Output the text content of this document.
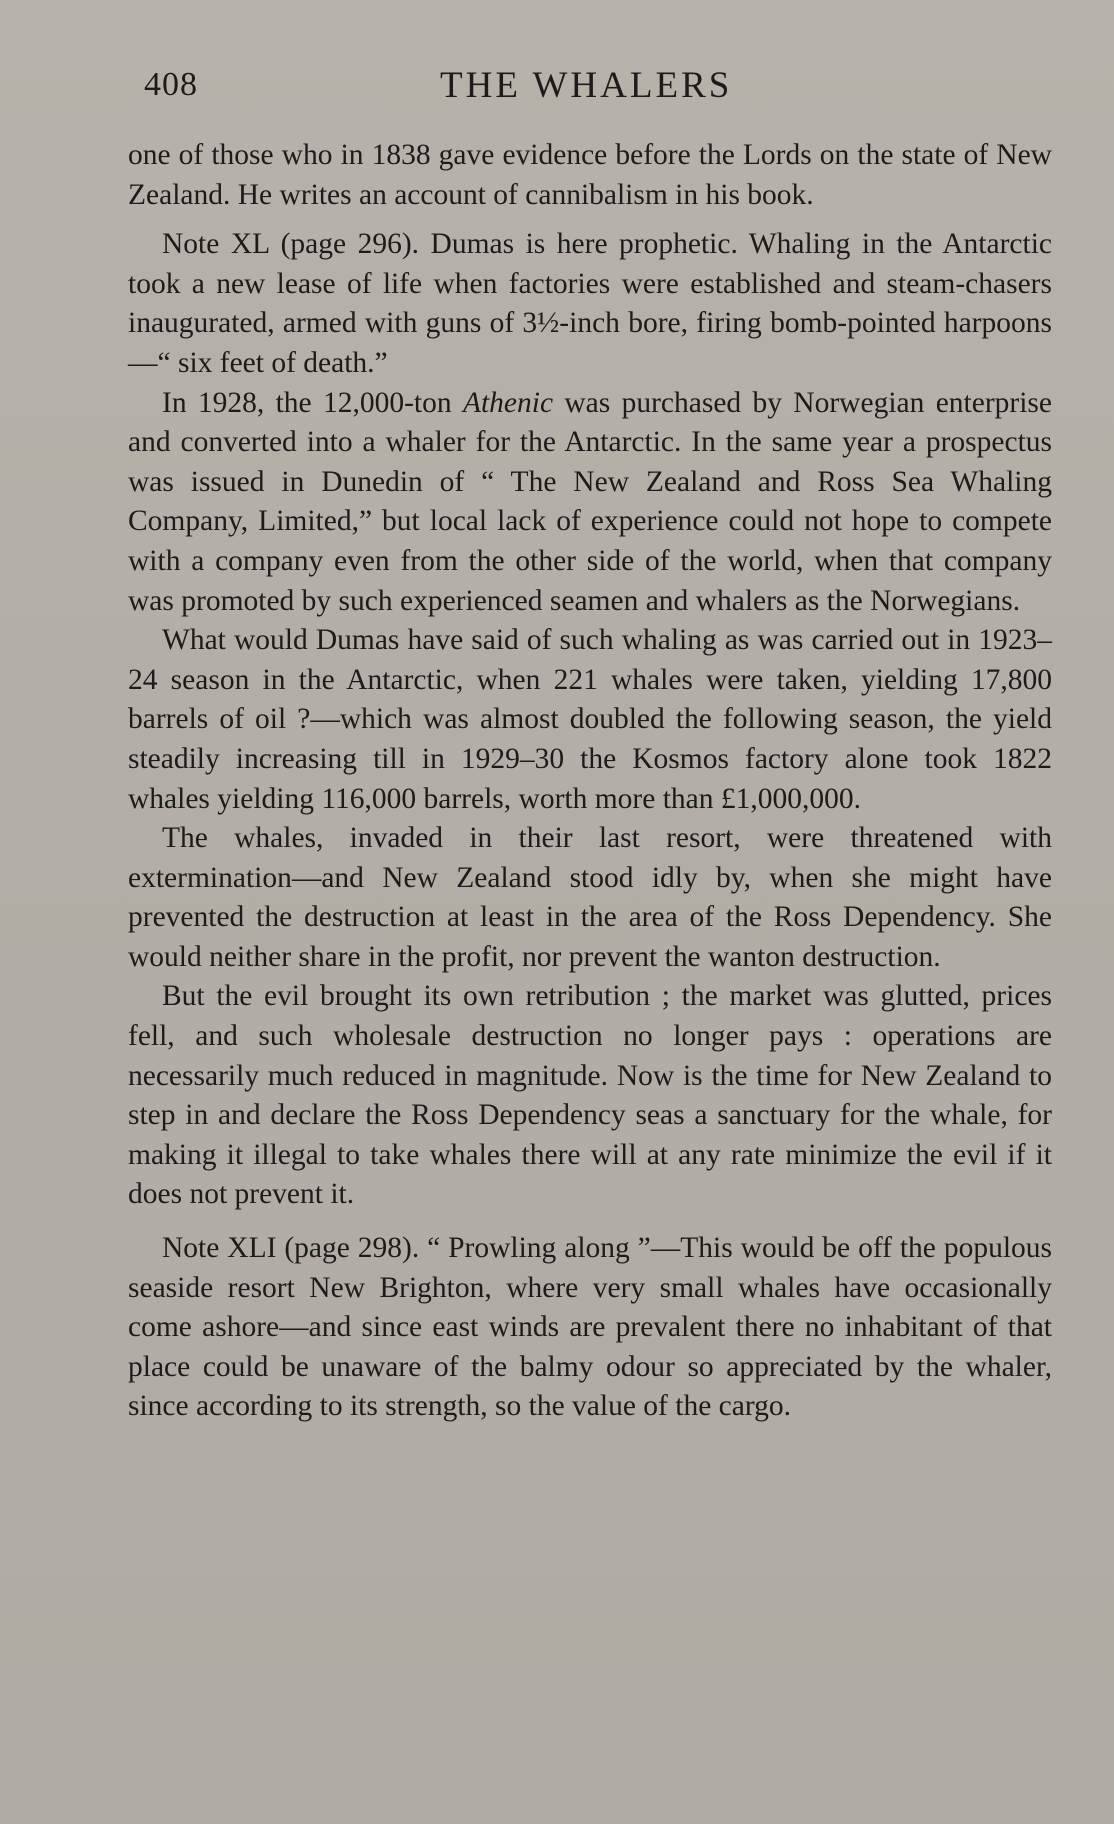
408	THE WHALERS

one of those who in 1838 gave evidence before the Lords on the state of New Zealand. He writes an account of cannibalism in his book.

Note XL (page 296). Dumas is here prophetic. Whaling in the Antarctic took a new lease of life when factories were established and steam-chasers inaugurated, armed with guns of 3½-inch bore, firing bomb-pointed harpoons—“ six feet of death.”

In 1928, the 12,000-ton Athenic was purchased by Norwegian enterprise and converted into a whaler for the Antarctic. In the same year a prospectus was issued in Dunedin of “ The New Zealand and Ross Sea Whaling Company, Limited,” but local lack of experience could not hope to compete with a company even from the other side of the world, when that company was promoted by such experienced seamen and whalers as the Norwegians.

What would Dumas have said of such whaling as was carried out in 1923–24 season in the Antarctic, when 221 whales were taken, yielding 17,800 barrels of oil ?—which was almost doubled the following season, the yield steadily increasing till in 1929–30 the Kosmos factory alone took 1822 whales yielding 116,000 barrels, worth more than £1,000,000.

The whales, invaded in their last resort, were threatened with extermination—and New Zealand stood idly by, when she might have prevented the destruction at least in the area of the Ross Dependency. She would neither share in the profit, nor prevent the wanton destruction.

But the evil brought its own retribution ; the market was glutted, prices fell, and such wholesale destruction no longer pays : operations are necessarily much reduced in magnitude. Now is the time for New Zealand to step in and declare the Ross Dependency seas a sanctuary for the whale, for making it illegal to take whales there will at any rate minimize the evil if it does not prevent it.

Note XLI (page 298). “ Prowling along ”—This would be off the populous seaside resort New Brighton, where very small whales have occasionally come ashore—and since east winds are prevalent there no inhabitant of that place could be unaware of the balmy odour so appreciated by the whaler, since according to its strength, so the value of the cargo.
